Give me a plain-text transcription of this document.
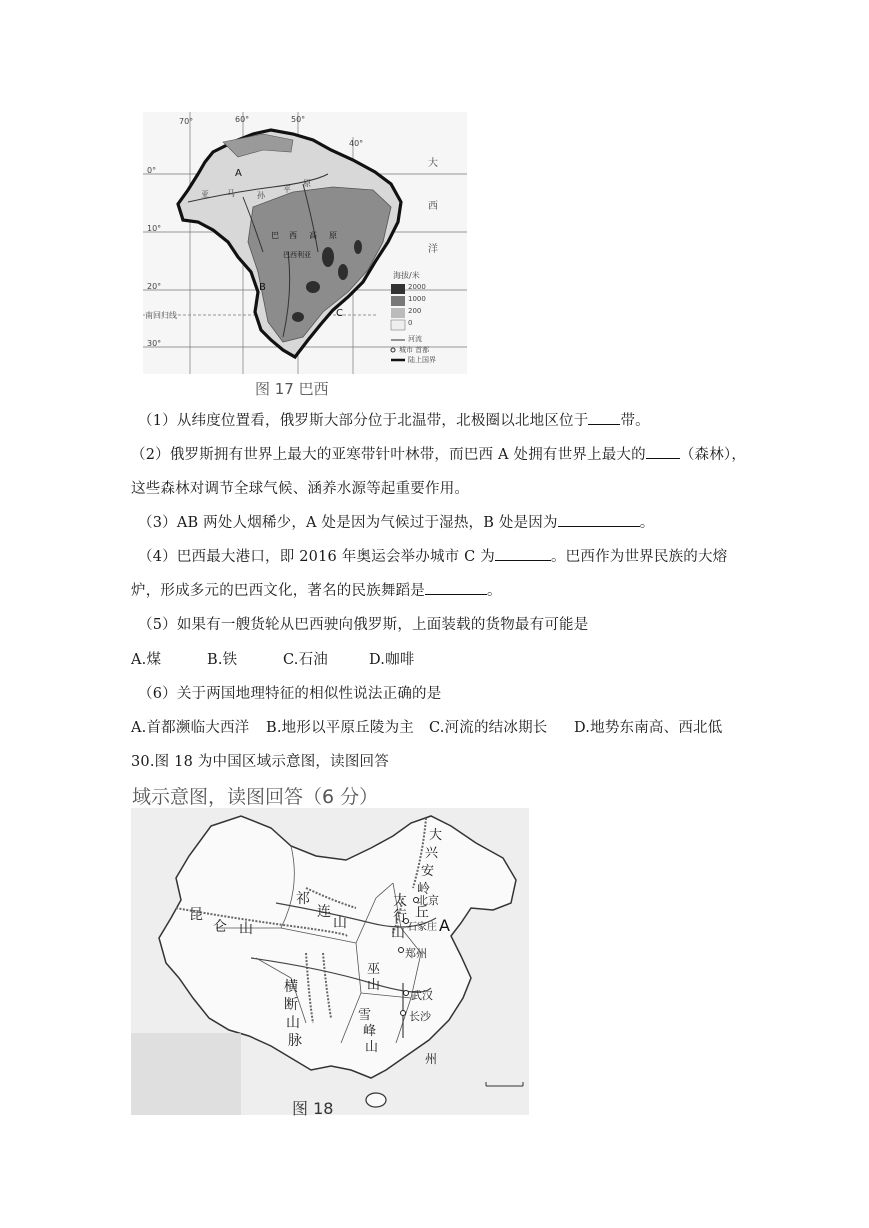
70°	60°	50°
40°
0°
10°
20°
30°
南回归线
大
西
洋
亚 马	孙
平
原
巴 西 高 原
巴西利亚
A
B
C
海拔/米
2000
1000
200
0
河流
城市 首都
陆上国界
图 17 巴西
（1）从纬度位置看，俄罗斯大部分位于北温带，北极圈以北地区位于 带。
（2）俄罗斯拥有世界上最大的亚寒带针叶林带，而巴西 A 处拥有世界上最大的 （森林），
这些森林对调节全球气候、涵养水源等起重要作用。
（3）AB 两处人烟稀少，A 处是因为气候过于湿热，B 处是因为	。
（4）巴西最大港口，即 2016 年奥运会举办城市 C 为	。巴西作为世界民族的大熔
炉，形成多元的巴西文化，著名的民族舞蹈是	。
（5）如果有一艘货轮从巴西驶向俄罗斯，上面装载的货物最有可能是
A.煤	B.铁	C.石油	D.咖啡
（6）关于两国地理特征的相似性说法正确的是
A.首都濒临大西洋 B.地形以平原丘陵为主 C.河流的结冰期长 D.地势东南高、西北低
30.图 18 为中国区域示意图，读图回答
域示意图，读图回答（6 分）
大
兴
安
岭
昆
仑 山
祁
连
山
太
行
山
丘
横
断
山
脉
巫
山
雪
峰
山
北京
石家庄
郑州
武汉
长沙
州
A
图 18
